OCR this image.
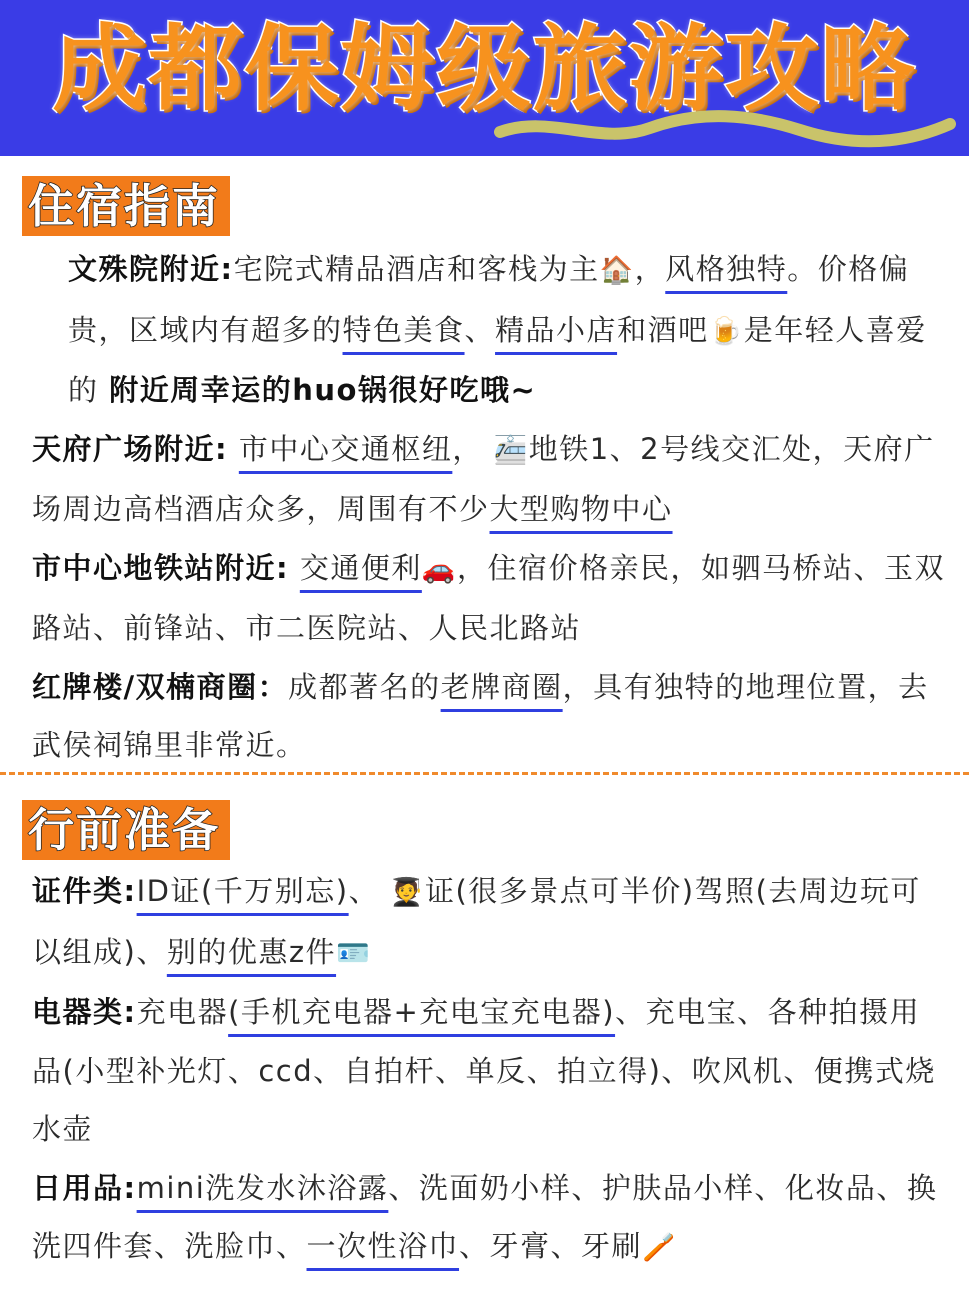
成都保姆级旅游攻略
住宿指南

文殊院附近:宅院式精品酒店和客栈为主🏠，风格独特。价格偏贵，区域内有超多的特色美食、精品小店和酒吧🍺是年轻人喜爱的 附近周幸运的huo锅很好吃哦~

天府广场附近: 市中心交通枢纽， 🚈地铁1、2号线交汇处，天府广场周边高档酒店众多，周围有不少大型购物中心

市中心地铁站附近: 交通便利🚗，住宿价格亲民，如驷马桥站、玉双路站、前锋站、市二医院站、人民北路站

红牌楼/双楠商圈：成都著名的老牌商圈，具有独特的地理位置，去武侯祠锦里非常近。

行前准备

证件类:ID证(千万别忘)、 🧑‍🎓证(很多景点可半价)驾照(去周边玩可以组成)、别的优惠z件🪪

电器类:充电器(手机充电器+充电宝充电器)、充电宝、各种拍摄用品(小型补光灯、ccd、自拍杆、单反、拍立得)、吹风机、便携式烧水壶

日用品:mini洗发水沐浴露、洗面奶小样、护肤品小样、化妆品、换洗四件套、洗脸巾、一次性浴巾、牙膏、牙刷🪥
